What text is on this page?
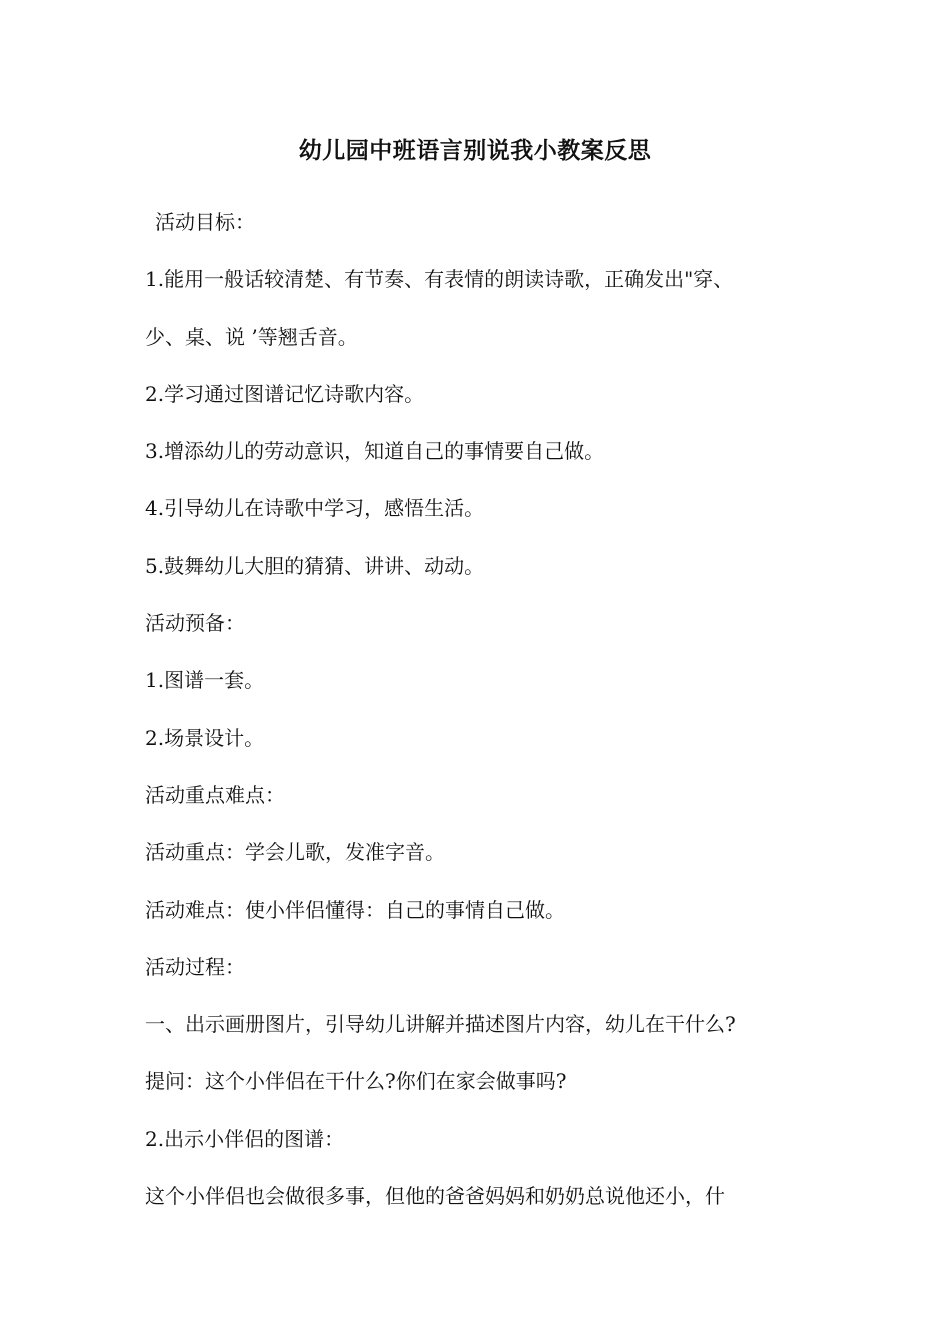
幼儿园中班语言别说我小教案反思
活动目标：
1.能用一般话较清楚、有节奏、有表情的朗读诗歌，正确发出"穿、
少、桌、说 ’等翘舌音。
2.学习通过图谱记忆诗歌内容。
3.增添幼儿的劳动意识，知道自己的事情要自己做。
4.引导幼儿在诗歌中学习，感悟生活。
5.鼓舞幼儿大胆的猜猜、讲讲、动动。
活动预备：
1.图谱一套。
2.场景设计。
活动重点难点：
活动重点：学会儿歌，发准字音。
活动难点：使小伴侣懂得：自己的事情自己做。
活动过程：
一、出示画册图片，引导幼儿讲解并描述图片内容，幼儿在干什么?
提问：这个小伴侣在干什么?你们在家会做事吗?
2.出示小伴侣的图谱：
这个小伴侣也会做很多事，但他的爸爸妈妈和奶奶总说他还小，什
